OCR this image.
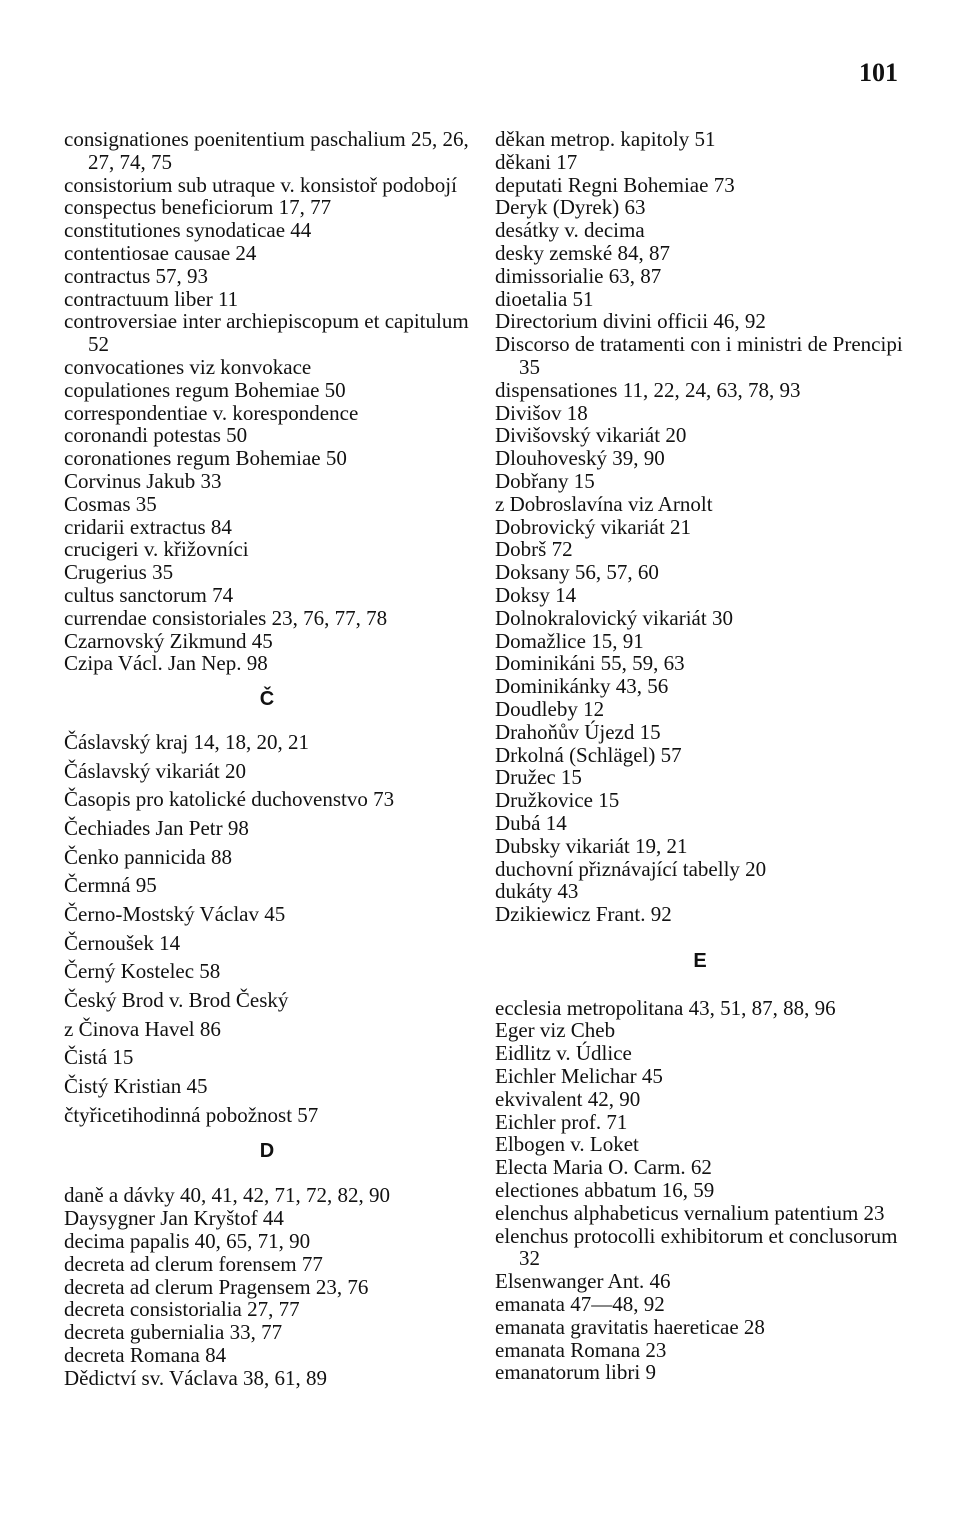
101

consignationes poenitentium paschalium 25, 26, 27, 74, 75

consistorium sub utraque v. konsistoř podobojí

conspectus beneficiorum 17, 77

constitutiones synodaticae 44

contentiosae causae 24

contractus 57, 93

contractuum liber 11

controversiae inter archiepiscopum et capitulum 52

convocationes viz konvokace

copulationes regum Bohemiae 50

correspondentiae v. korespondence

coronandi potestas 50

coronationes regum Bohemiae 50

Corvinus Jakub 33

Cosmas 35

cridarii extractus 84

crucigeri v. křižovníci

Crugerius 35

cultus sanctorum 74

currendae consistoriales 23, 76, 77, 78

Czarnovský Zikmund 45

Czipa Václ. Jan Nep. 98

Č

Čáslavský kraj 14, 18, 20, 21

Čáslavský vikariát 20

Časopis pro katolické duchovenstvo 73

Čechiades Jan Petr 98

Čenko pannicida 88

Čermná 95

Černo-Mostský Václav 45

Černoušek 14

Černý Kostelec 58

Český Brod v. Brod Český

z Činova Havel 86

Čistá 15

Čistý Kristian 45

čtyřicetihodinná pobožnost 57

D

daně a dávky 40, 41, 42, 71, 72, 82, 90

Daysygner Jan Kryštof 44

decima papalis 40, 65, 71, 90

decreta ad clerum forensem 77

decreta ad clerum Pragensem 23, 76

decreta consistorialia 27, 77

decreta gubernialia 33, 77

decreta Romana 84

Dědictví sv. Václava 38, 61, 89

děkan metrop. kapitoly 51

děkani 17

deputati Regni Bohemiae 73

Deryk (Dyrek) 63

desátky v. decima

desky zemské 84, 87

dimissorialie 63, 87

dioetalia 51

Directorium divini officii 46, 92

Discorso de tratamenti con i ministri de Prencipi 35

dispensationes 11, 22, 24, 63, 78, 93

Divišov 18

Divišovský vikariát 20

Dlouhoveský 39, 90

Dobřany 15

z Dobroslavína viz Arnolt

Dobrovický vikariát 21

Dobrš 72

Doksany 56, 57, 60

Doksy 14

Dolnokralovický vikariát 30

Domažlice 15, 91

Dominikáni 55, 59, 63

Dominikánky 43, 56

Doudleby 12

Drahoňův Újezd 15

Drkolná (Schlägel) 57

Družec 15

Družkovice 15

Dubá 14

Dubsky vikariát 19, 21

duchovní přiznávající tabelly 20

dukáty 43

Dzikiewicz Frant. 92

E

ecclesia metropolitana 43, 51, 87, 88, 96

Eger viz Cheb

Eidlitz v. Údlice

Eichler Melichar 45

ekvivalent 42, 90

Eichler prof. 71

Elbogen v. Loket

Electa Maria O. Carm. 62

electiones abbatum 16, 59

elenchus alphabeticus vernalium patentium 23

elenchus protocolli exhibitorum et conclusorum 32

Elsenwanger Ant. 46

emanata 47—48, 92

emanata gravitatis haereticae 28

emanata Romana 23

emanatorum libri 9
